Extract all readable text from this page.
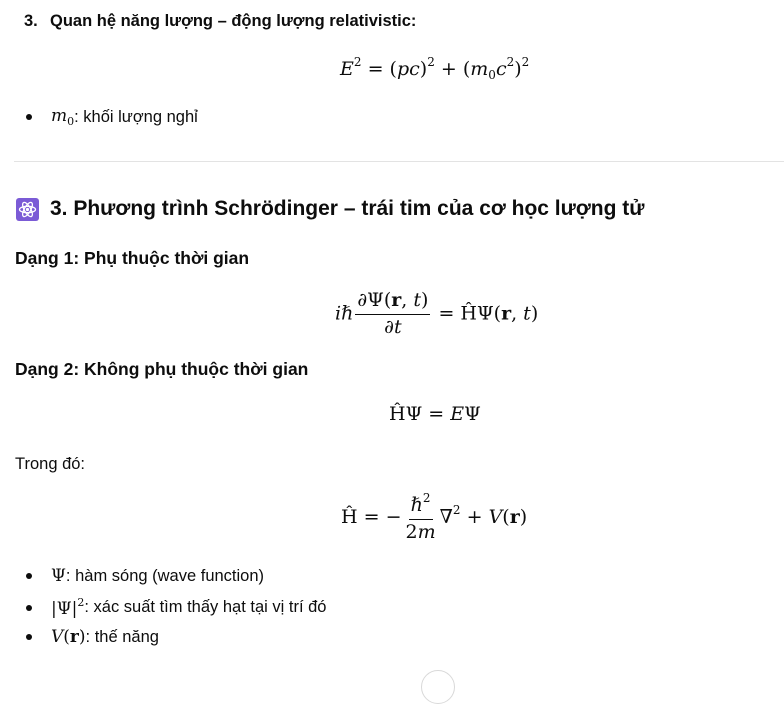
3. Quan hệ năng lượng – động lượng relativistic:
$E^2 = (pc)^2 + (m_0c^2)^2$
$m_0$ : khối lượng nghỉ
3. Phương trình Schrödinger – trái tim của cơ học lượng tử
Dạng 1: Phụ thuộc thời gian
iℏ $\frac{\partial\Psi(r, t)}{\partial t}$ = ĤΨ(r, t)
Dạng 2: Không phụ thuộc thời gian
ĤΨ = EΨ
Trong đó:
Ĥ = − $\frac{\hbar^2}{2m} \nabla^2 + V(r)$
Ψ : hàm sóng (wave function)
$|\Psi|^2$ : xác suất tìm thấy hạt tại vị trí đó
V(r) : thế năng
